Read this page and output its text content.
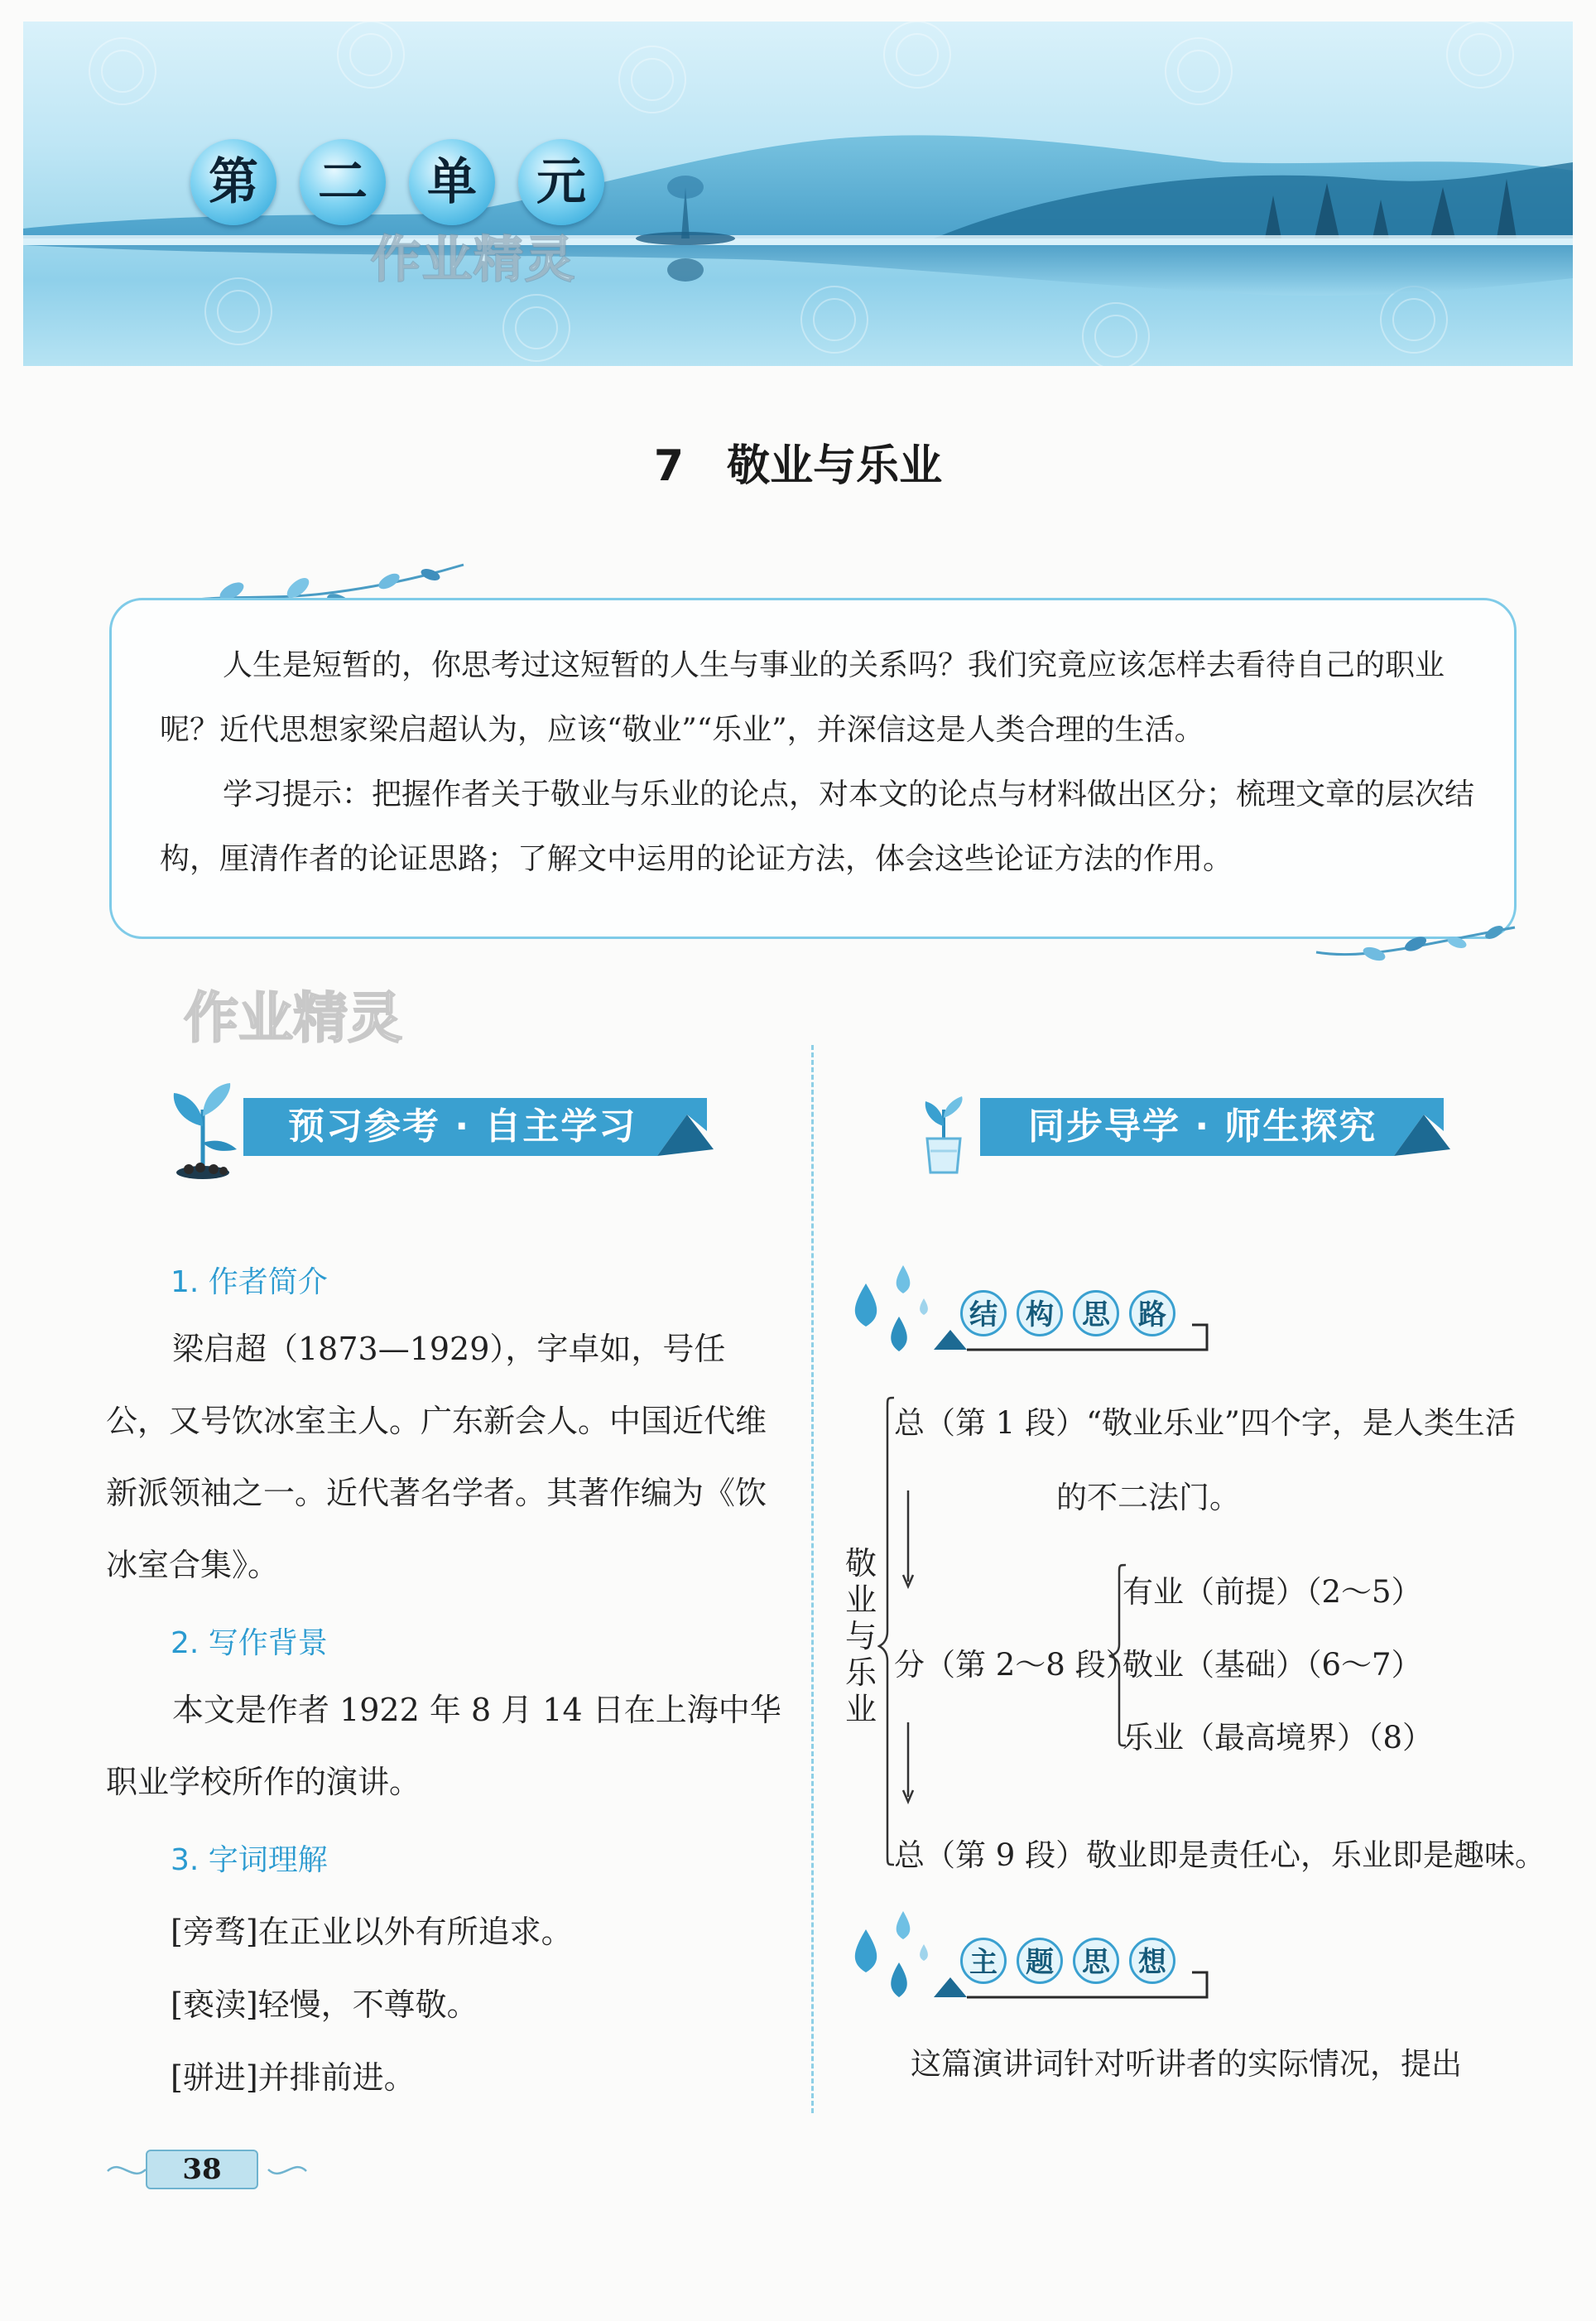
第	二	单	元
作业精灵
7 敬业与乐业
人生是短暂的，你思考过这短暂的人生与事业的关系吗？我们究竟应该怎样去看待自己的职业呢？近代思想家梁启超认为，应该“敬业”“乐业”，并深信这是人类合理的生活。
学习提示：把握作者关于敬业与乐业的论点，对本文的论点与材料做出区分；梳理文章的层次结构，厘清作者的论证思路；了解文中运用的论证方法，体会这些论证方法的作用。
作业精灵
预习参考 · 自主学习
1. 作者简介
梁启超（1873—1929），字卓如，号任公，又号饮冰室主人。广东新会人。中国近代维新派领袖之一。近代著名学者。其著作编为《饮冰室合集》。
2. 写作背景
本文是作者 1922 年 8 月 14 日在上海中华职业学校所作的演讲。
3. 字词理解
[旁骛]在正业以外有所追求。
[亵渎]轻慢，不尊敬。
[骈进]并排前进。
同步导学 · 师生探究
结 构 思 路
敬
业
与
乐
业
总（第 1 段）“敬业乐业”四个字，是人类生活
的不二法门。
分（第 2～8 段）
有业（前提）（2～5）
敬业（基础）（6～7）
乐业（最高境界）（8）
总（第 9 段）敬业即是责任心，乐业即是趣味。
主 题 思 想
这篇演讲词针对听讲者的实际情况，提出
38
